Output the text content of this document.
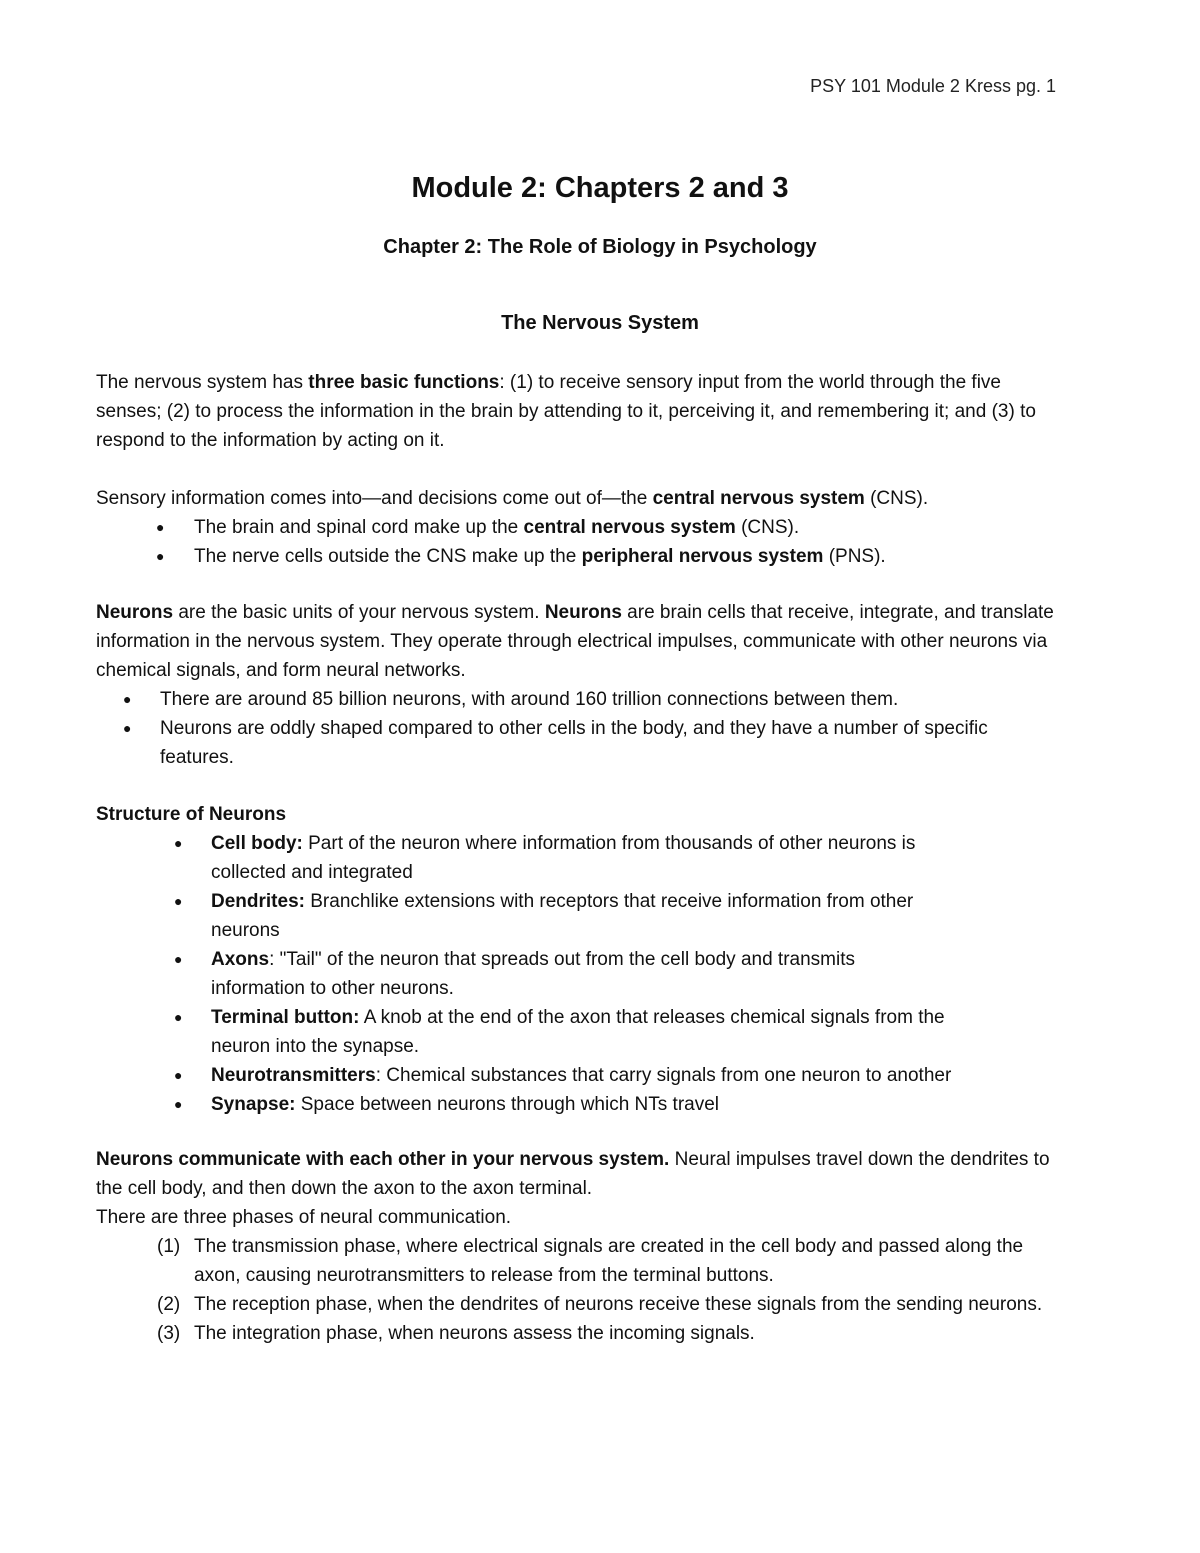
PSY 101 Module 2 Kress pg. 1
Module 2: Chapters 2 and 3
Chapter 2: The Role of Biology in Psychology
The Nervous System

The nervous system has three basic functions: (1) to receive sensory input from the world through the five senses; (2) to process the information in the brain by attending to it, perceiving it, and remembering it; and (3) to respond to the information by acting on it.

Sensory information comes into—and decisions come out of—the central nervous system (CNS).

● The brain and spinal cord make up the central nervous system (CNS).
● The nerve cells outside the CNS make up the peripheral nervous system (PNS).

Neurons are the basic units of your nervous system. Neurons are brain cells that receive, integrate, and translate information in the nervous system. They operate through electrical impulses, communicate with other neurons via chemical signals, and form neural networks.

● There are around 85 billion neurons, with around 160 trillion connections between them.
● Neurons are oddly shaped compared to other cells in the body, and they have a number of specific features.

Structure of Neurons

● Cell body: Part of the neuron where information from thousands of other neurons is collected and integrated
● Dendrites: Branchlike extensions with receptors that receive information from other neurons
● Axons: "Tail" of the neuron that spreads out from the cell body and transmits information to other neurons.
● Terminal button: A knob at the end of the axon that releases chemical signals from the neuron into the synapse.
● Neurotransmitters: Chemical substances that carry signals from one neuron to another
● Synapse: Space between neurons through which NTs travel

Neurons communicate with each other in your nervous system. Neural impulses travel down the dendrites to the cell body, and then down the axon to the axon terminal.

There are three phases of neural communication.

(1) The transmission phase, where electrical signals are created in the cell body and passed along the axon, causing neurotransmitters to release from the terminal buttons.
(2) The reception phase, when the dendrites of neurons receive these signals from the sending neurons.
(3) The integration phase, when neurons assess the incoming signals.
